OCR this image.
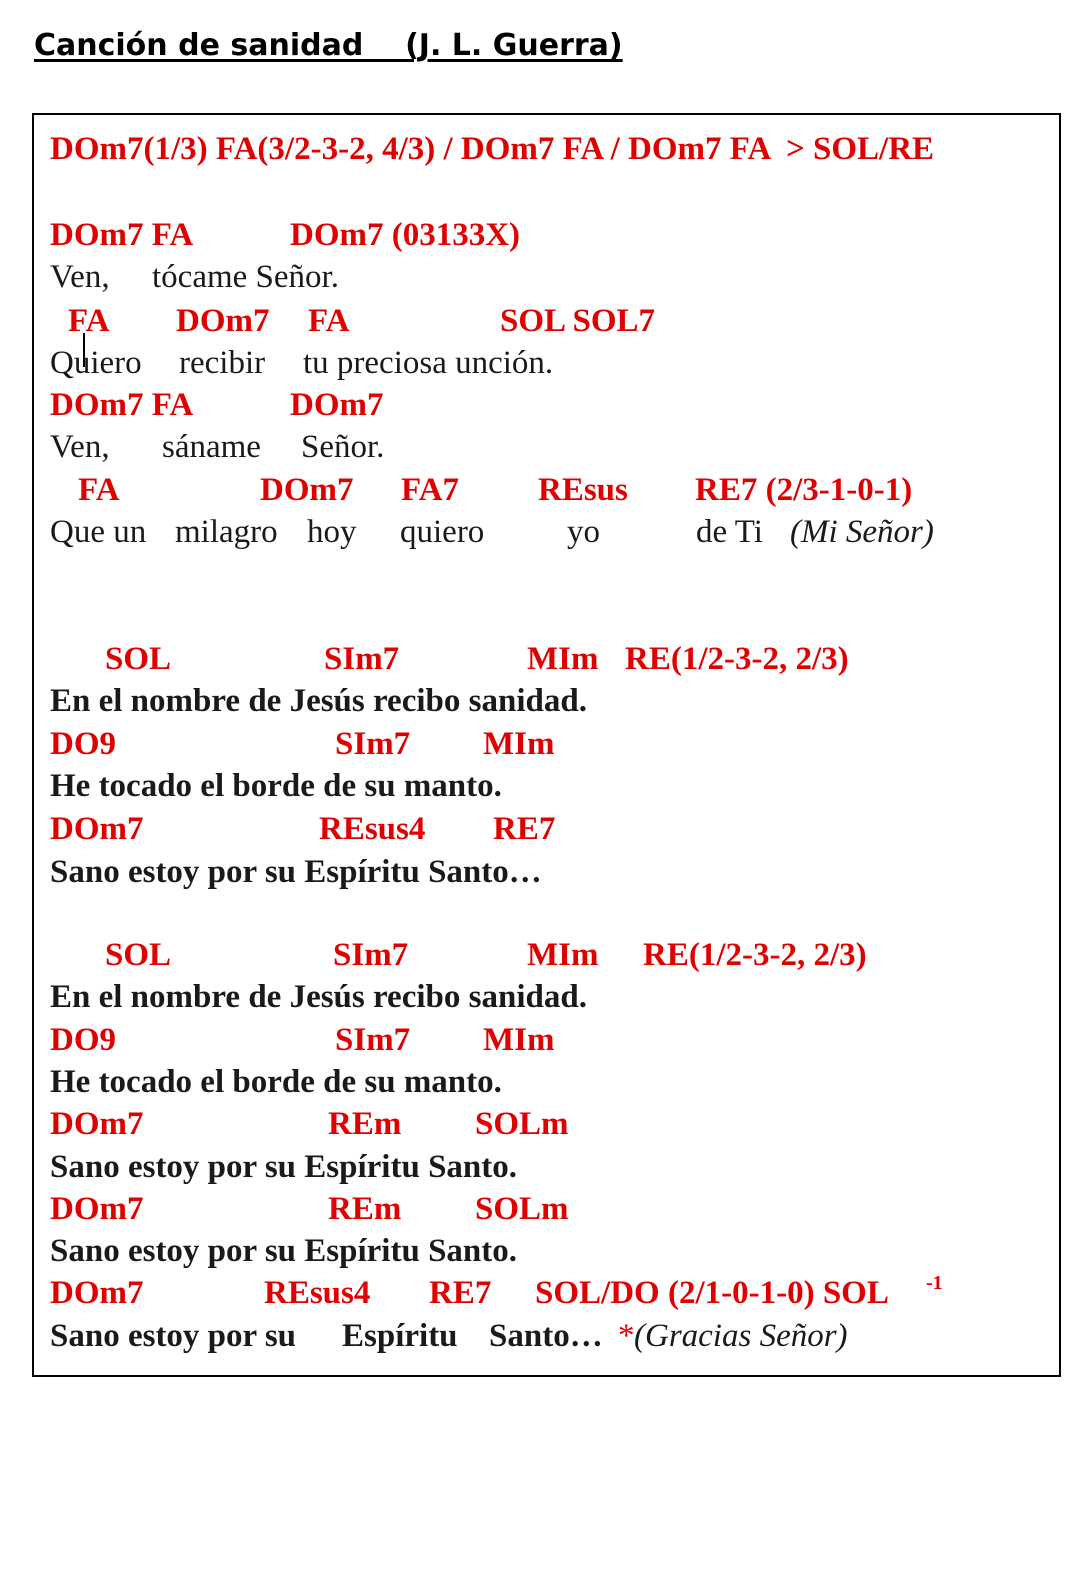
Canción de sanidad    (J. L. Guerra)

DOm7(1/3) FA(3/2-3-2, 4/3) / DOm7 FA / DOm7 FA  > SOL/RE

DOm7 FA

	DOm7 (03133X)

Ven,

tócame Señor.

FA

DOm7

FA

	SOL SOL7

Quiero

recibir

tu preciosa unción.

DOm7 FA

	DOm7

Ven,

sáname

Señor.

FA

	DOm7

FA7

REsus

RE7 (2/3-1-0-1)

Que un

milagro

hoy

quiero

	yo

	de Ti

(Mi Señor)

SOL

	SIm7

	MIm

RE(1/2-3-2, 2/3)

En el nombre de Jesús recibo sanidad.

DO9

	SIm7

MIm

He tocado el borde de su manto.

DOm7

	REsus4

RE7

Sano estoy por su Espíritu Santo…

SOL

	SIm7

	MIm

RE(1/2-3-2, 2/3)

En el nombre de Jesús recibo sanidad.

DO9

	SIm7

MIm

He tocado el borde de su manto.

DOm7

	REm

SOLm

Sano estoy por su Espíritu Santo.

DOm7

	REm

SOLm

Sano estoy por su Espíritu Santo.

DOm7

	REsus4

RE7

SOL/DO (2/1-0-1-0) SOL

-1

Sano estoy por su

Espíritu

Santo…

*

(Gracias Señor)
